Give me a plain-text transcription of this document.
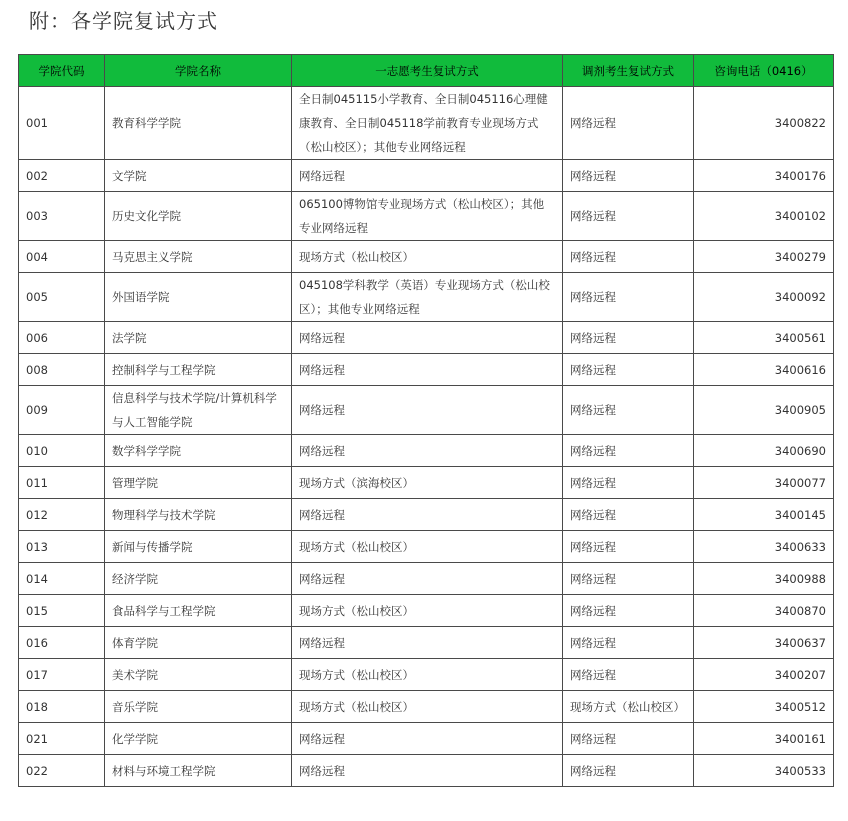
附：各学院复试方式
学院代码	学院名称	一志愿考生复试方式	调剂考生复试方式	咨询电话（0416）
001	教育科学学院	全日制045115小学教育、全日制045116心理健康教育、全日制045118学前教育专业现场方式（松山校区）；其他专业网络远程	网络远程	3400822
002	文学院	网络远程	网络远程	3400176
003	历史文化学院	065100博物馆专业现场方式（松山校区）；其他专业网络远程	网络远程	3400102
004	马克思主义学院	现场方式（松山校区）	网络远程	3400279
005	外国语学院	045108学科教学（英语）专业现场方式（松山校区）；其他专业网络远程	网络远程	3400092
006	法学院	网络远程	网络远程	3400561
008	控制科学与工程学院	网络远程	网络远程	3400616
009	信息科学与技术学院/计算机科学与人工智能学院	网络远程	网络远程	3400905
010	数学科学学院	网络远程	网络远程	3400690
011	管理学院	现场方式（滨海校区）	网络远程	3400077
012	物理科学与技术学院	网络远程	网络远程	3400145
013	新闻与传播学院	现场方式（松山校区）	网络远程	3400633
014	经济学院	网络远程	网络远程	3400988
015	食品科学与工程学院	现场方式（松山校区）	网络远程	3400870
016	体育学院	网络远程	网络远程	3400637
017	美术学院	现场方式（松山校区）	网络远程	3400207
018	音乐学院	现场方式（松山校区）	现场方式（松山校区）	3400512
021	化学学院	网络远程	网络远程	3400161
022	材料与环境工程学院	网络远程	网络远程	3400533
